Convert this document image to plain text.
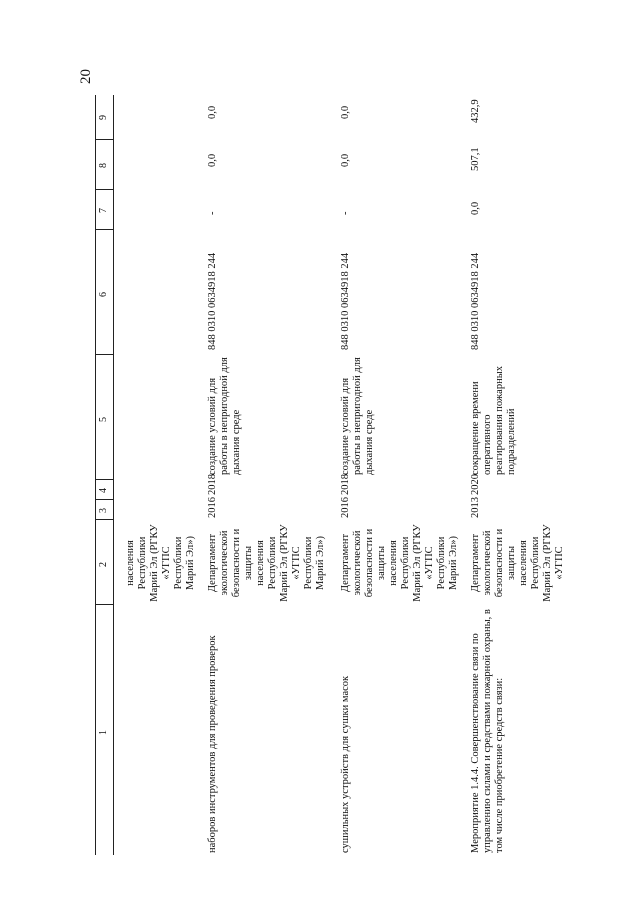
20
1
2
3
4
5
6
7
8
9
населения Республики Марий Эл (РГКУ «УГПС Республики Марий Эл»)
наборов инструментов для проведения проверок
Департамент экологической безопасности и защиты населения Республики Марий Эл (РГКУ «УГПС Республики Марий Эл»)
2016
2018
создание условий для работы в непригодной для дыхания среде
848 0310 0634918 244
-
0,0
0,0
сушильных устройств для сушки масок
Департамент экологической безопасности и защиты населения Республики Марий Эл (РГКУ «УГПС Республики Марий Эл»)
2016
2018
создание условий для работы в непригодной для дыхания среде
848 0310 0634918 244
-
0,0
0,0
Мероприятие 1.4.4. Совершенствование связи по управлению силами и средствами пожарной охраны, в том числе приобретение средств связи:
Департамент экологической безопасности и защиты населения Республики Марий Эл (РГКУ «УГПС
2013
2020
сокращение времени оперативного реагирования пожарных подразделений
848 0310 0634918 244
0,0
507,1
432,9
